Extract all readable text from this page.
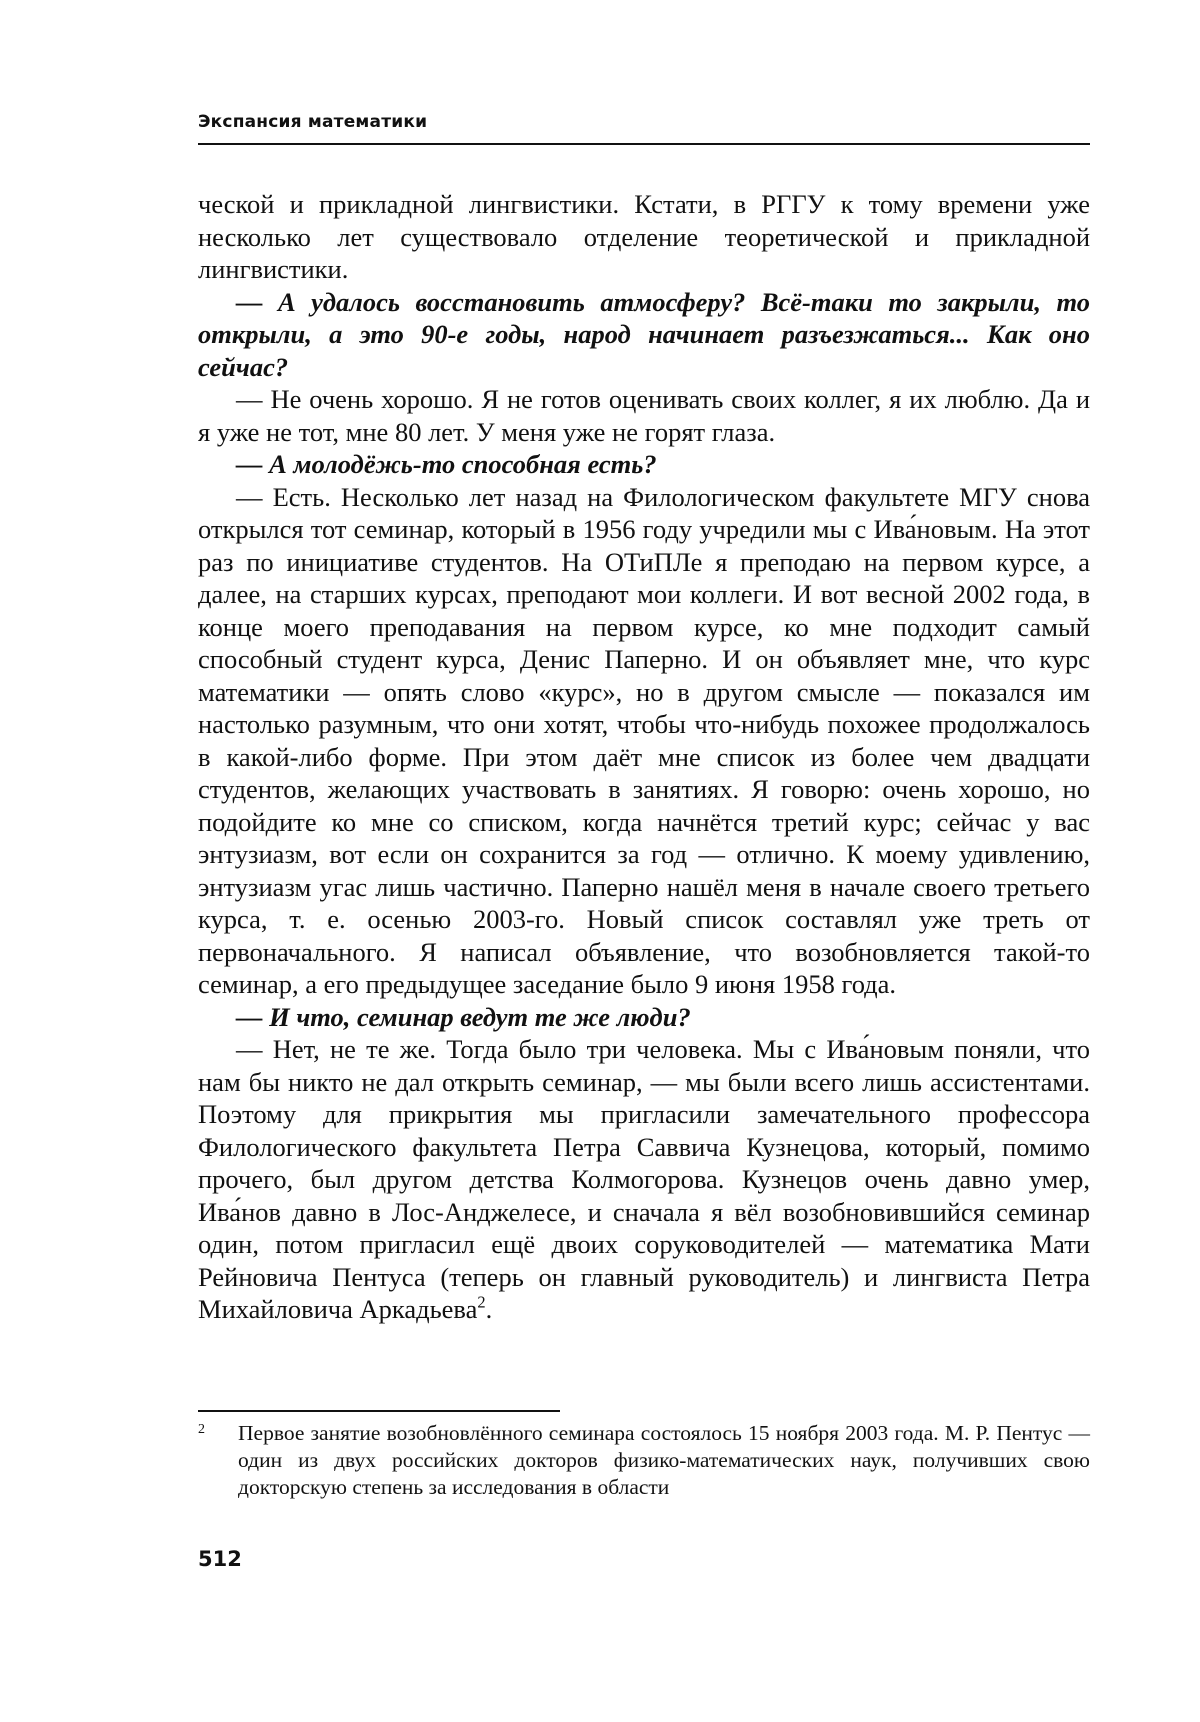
Экспансия математики

ческой и прикладной лингвистики. Кстати, в РГГУ к тому времени уже несколько лет существовало отделение теоретической и прикладной лингвистики.

— А удалось восстановить атмосферу? Всё-таки то закрыли, то открыли, а это 90-е годы, народ начинает разъезжаться... Как оно сейчас?

— Не очень хорошо. Я не готов оценивать своих коллег, я их люблю. Да и я уже не тот, мне 80 лет. У меня уже не горят глаза.

— А молодёжь-то способная есть?

— Есть. Несколько лет назад на Филологическом факультете МГУ снова открылся тот семинар, который в 1956 году учредили мы с Ива́новым. На этот раз по инициативе студентов. На ОТиПЛе я преподаю на первом курсе, а далее, на старших курсах, преподают мои коллеги. И вот весной 2002 года, в конце моего преподавания на первом курсе, ко мне подходит самый способный студент курса, Денис Паперно. И он объявляет мне, что курс математики — опять слово «курс», но в другом смысле — показался им настолько разумным, что они хотят, чтобы что-нибудь похожее продолжалось в какой-либо форме. При этом даёт мне список из более чем двадцати студентов, желающих участвовать в занятиях. Я говорю: очень хорошо, но подойдите ко мне со списком, когда начнётся третий курс; сейчас у вас энтузиазм, вот если он сохранится за год — отлично. К моему удивлению, энтузиазм угас лишь частично. Паперно нашёл меня в начале своего третьего курса, т. е. осенью 2003-го. Новый список составлял уже треть от первоначального. Я написал объявление, что возобновляется такой-то семинар, а его предыдущее заседание было 9 июня 1958 года.

— И что, семинар ведут те же люди?

— Нет, не те же. Тогда было три человека. Мы с Ива́новым поняли, что нам бы никто не дал открыть семинар, — мы были всего лишь ассистентами. Поэтому для прикрытия мы пригласили замечательного профессора Филологического факультета Петра Саввича Кузнецова, который, помимо прочего, был другом детства Колмогорова. Кузнецов очень давно умер, Ива́нов давно в Лос-Анджелесе, и сначала я вёл возобновившийся семинар один, потом пригласил ещё двоих соруководителей — математика Мати Рейновича Пентуса (теперь он главный руководитель) и лингвиста Петра Михайловича Аркадьева2.

2 Первое занятие возобновлённого семинара состоялось 15 ноября 2003 года. М. Р. Пентус — один из двух российских докторов физико-математических наук, получивших свою докторскую степень за исследования в области

512
